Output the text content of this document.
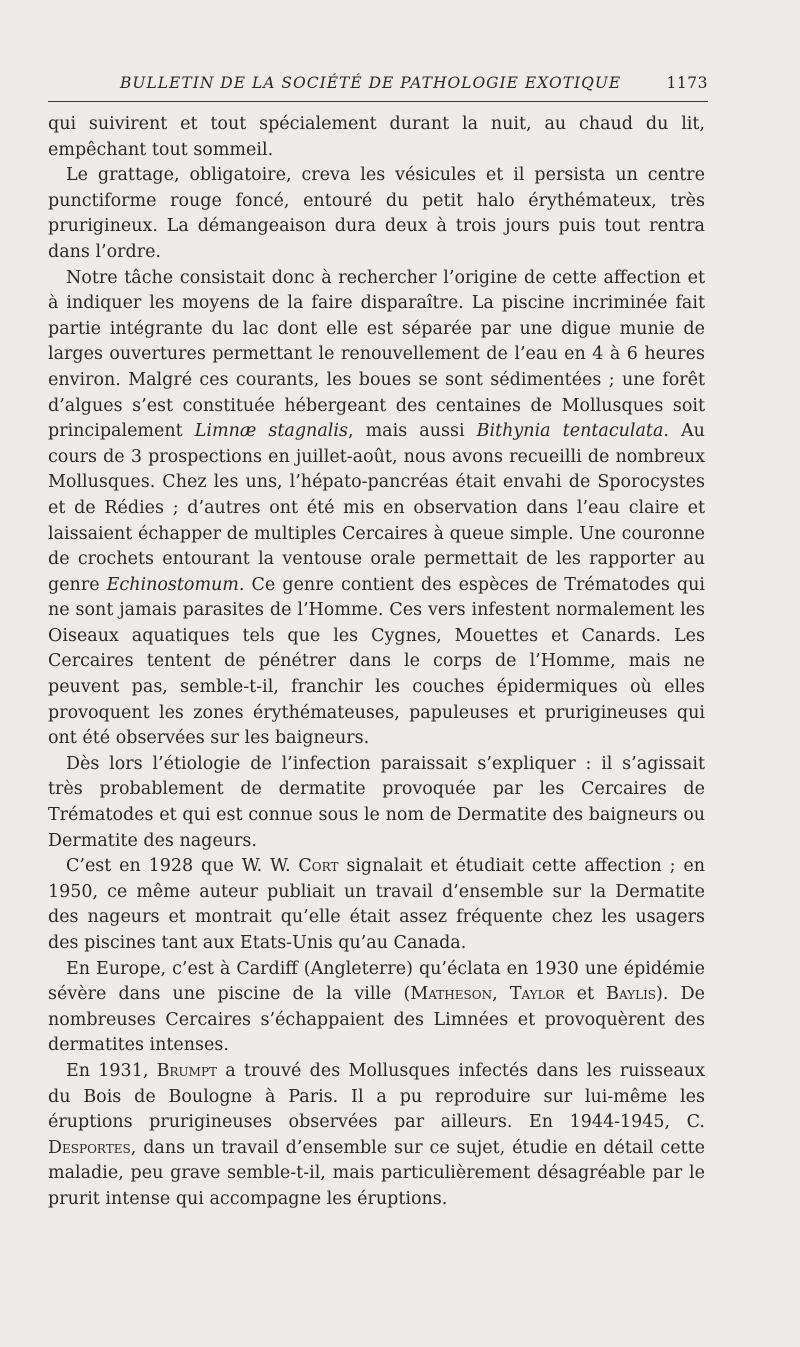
BULLETIN DE LA SOCIÉTÉ DE PATHOLOGIE EXOTIQUE	1173

qui suivirent et tout spécialement durant la nuit, au chaud du lit, empêchant tout sommeil.

Le grattage, obligatoire, creva les vésicules et il persista un centre punctiforme rouge foncé, entouré du petit halo érythémateux, très prurigineux. La démangeaison dura deux à trois jours puis tout rentra dans l’ordre.

Notre tâche consistait donc à rechercher l’origine de cette affection et à indiquer les moyens de la faire disparaître. La piscine incriminée fait partie intégrante du lac dont elle est séparée par une digue munie de larges ouvertures permettant le renouvellement de l’eau en 4 à 6 heures environ. Malgré ces courants, les boues se sont sédimentées ; une forêt d’algues s’est constituée hébergeant des centaines de Mollusques soit principalement Limnæ stagnalis, mais aussi Bithynia tentaculata. Au cours de 3 prospections en juillet-août, nous avons recueilli de nombreux Mollusques. Chez les uns, l’hépato-pancréas était envahi de Sporocystes et de Rédies ; d’autres ont été mis en observation dans l’eau claire et laissaient échapper de multiples Cercaires à queue simple. Une couronne de crochets entourant la ventouse orale permettait de les rapporter au genre Echinostomum. Ce genre contient des espèces de Trématodes qui ne sont jamais parasites de l’Homme. Ces vers infestent normalement les Oiseaux aquatiques tels que les Cygnes, Mouettes et Canards. Les Cercaires tentent de pénétrer dans le corps de l’Homme, mais ne peuvent pas, semble-t-il, franchir les couches épidermiques où elles provoquent les zones érythémateuses, papuleuses et prurigineuses qui ont été observées sur les baigneurs.

Dès lors l’étiologie de l’infection paraissait s’expliquer : il s’agissait très probablement de dermatite provoquée par les Cercaires de Trématodes et qui est connue sous le nom de Dermatite des baigneurs ou Dermatite des nageurs.

C’est en 1928 que W. W. Cort signalait et étudiait cette affection ; en 1950, ce même auteur publiait un travail d’ensemble sur la Dermatite des nageurs et montrait qu’elle était assez fréquente chez les usagers des piscines tant aux Etats-Unis qu’au Canada.

En Europe, c’est à Cardiff (Angleterre) qu’éclata en 1930 une épidémie sévère dans une piscine de la ville (Matheson, Taylor et Baylis). De nombreuses Cercaires s’échappaient des Limnées et provoquèrent des dermatites intenses.

En 1931, Brumpt a trouvé des Mollusques infectés dans les ruisseaux du Bois de Boulogne à Paris. Il a pu reproduire sur lui-même les éruptions prurigineuses observées par ailleurs. En 1944-1945, C. Desportes, dans un travail d’ensemble sur ce sujet, étudie en détail cette maladie, peu grave semble-t-il, mais particulièrement désagréable par le prurit intense qui accompagne les éruptions.
